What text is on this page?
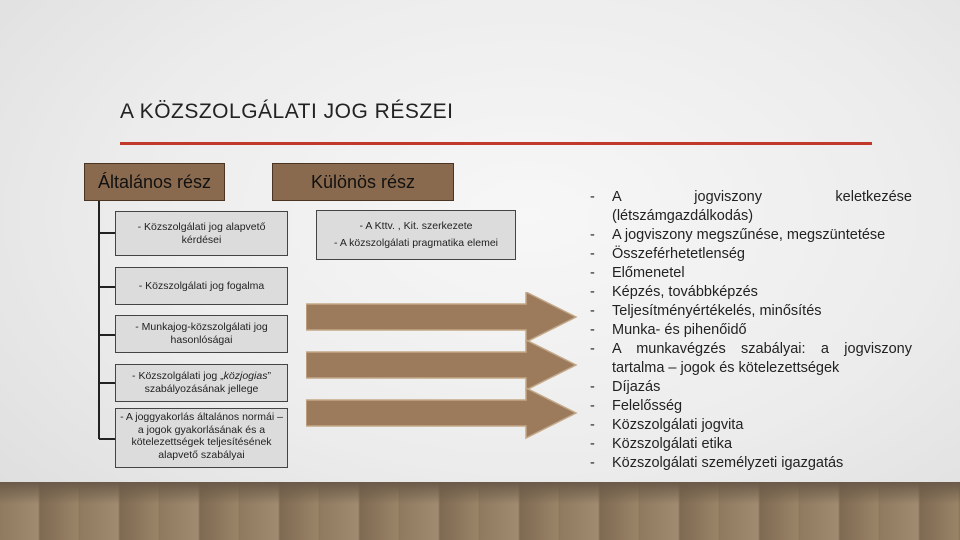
A KÖZSZOLGÁLATI JOG RÉSZEI
Általános rész	Különös rész
- Közszolgálati jog alapvető kérdései
- Közszolgálati jog fogalma
- Munkajog-közszolgálati jog hasonlóságai
- Közszolgálati jog „közjogias” szabályozásának jellege
- A joggyakorlás általános normái – a jogok gyakorlásának és a kötelezettségek teljesítésének alapvető szabályai
- A Kttv. , Kit. szerkezete
- A közszolgálati pragmatika elemei
-	A jogviszony keletkezése (létszámgazdálkodás)
-	A jogviszony megszűnése, megszüntetése
-	Összeférhetetlenség
-	Előmenetel
-	Képzés, továbbképzés
-	Teljesítményértékelés, minősítés
-	Munka- és pihenőidő
-	A munkavégzés szabályai: a jogviszony tartalma – jogok és kötelezettségek
-	Díjazás
-	Felelősség
-	Közszolgálati jogvita
-	Közszolgálati etika
-	Közszolgálati személyzeti igazgatás
